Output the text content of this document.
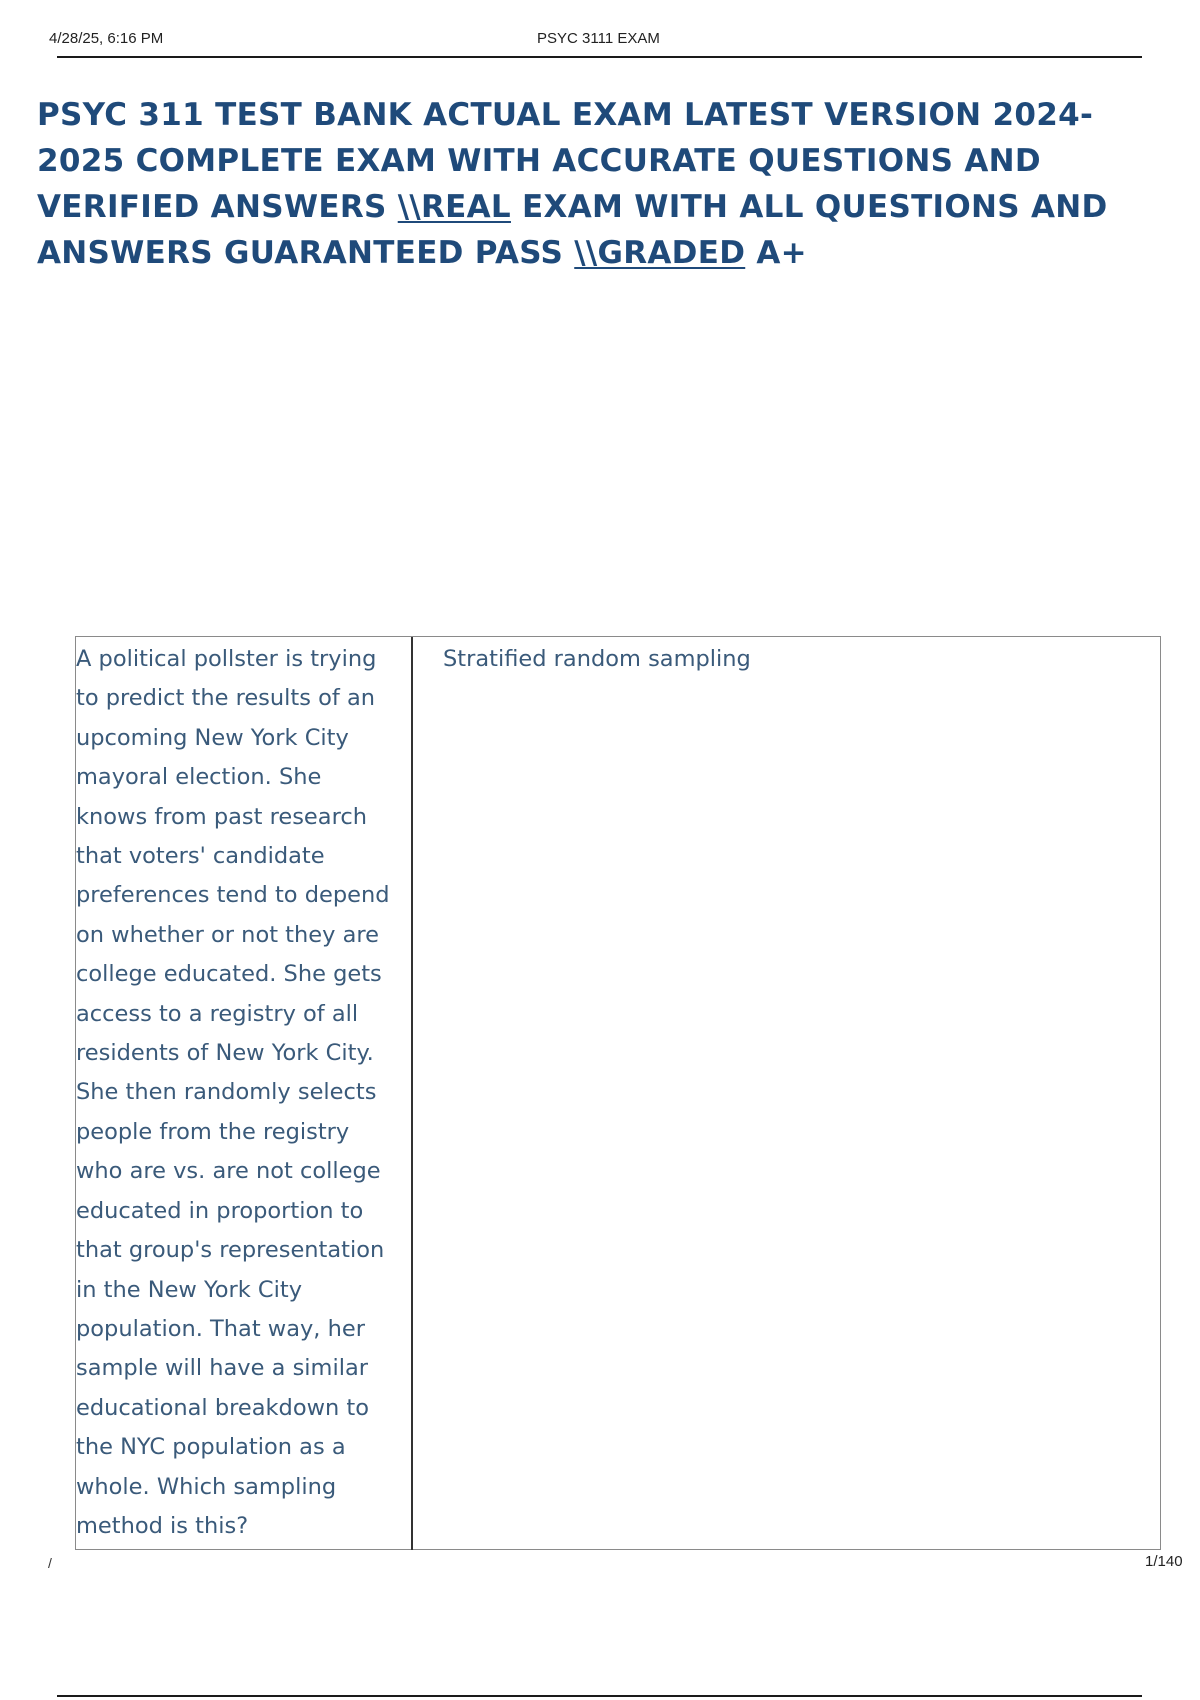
4/28/25, 6:16 PM	PSYC 3111 EXAM
PSYC 311 TEST BANK ACTUAL EXAM LATEST VERSION 2024-
2025 COMPLETE EXAM WITH ACCURATE QUESTIONS AND
VERIFIED ANSWERS \\REAL EXAM WITH ALL QUESTIONS AND
ANSWERS GUARANTEED PASS \\GRADED A+
A political pollster is trying
to predict the results of an
upcoming New York City
mayoral election. She
knows from past research
that voters' candidate
preferences tend to depend
on whether or not they are
college educated. She gets
access to a registry of all
residents of New York City.
She then randomly selects
people from the registry
who are vs. are not college
educated in proportion to
that group's representation
in the New York City
population. That way, her
sample will have a similar
educational breakdown to
the NYC population as a
whole. Which sampling
method is this?
Stratified random sampling
/	1/140
